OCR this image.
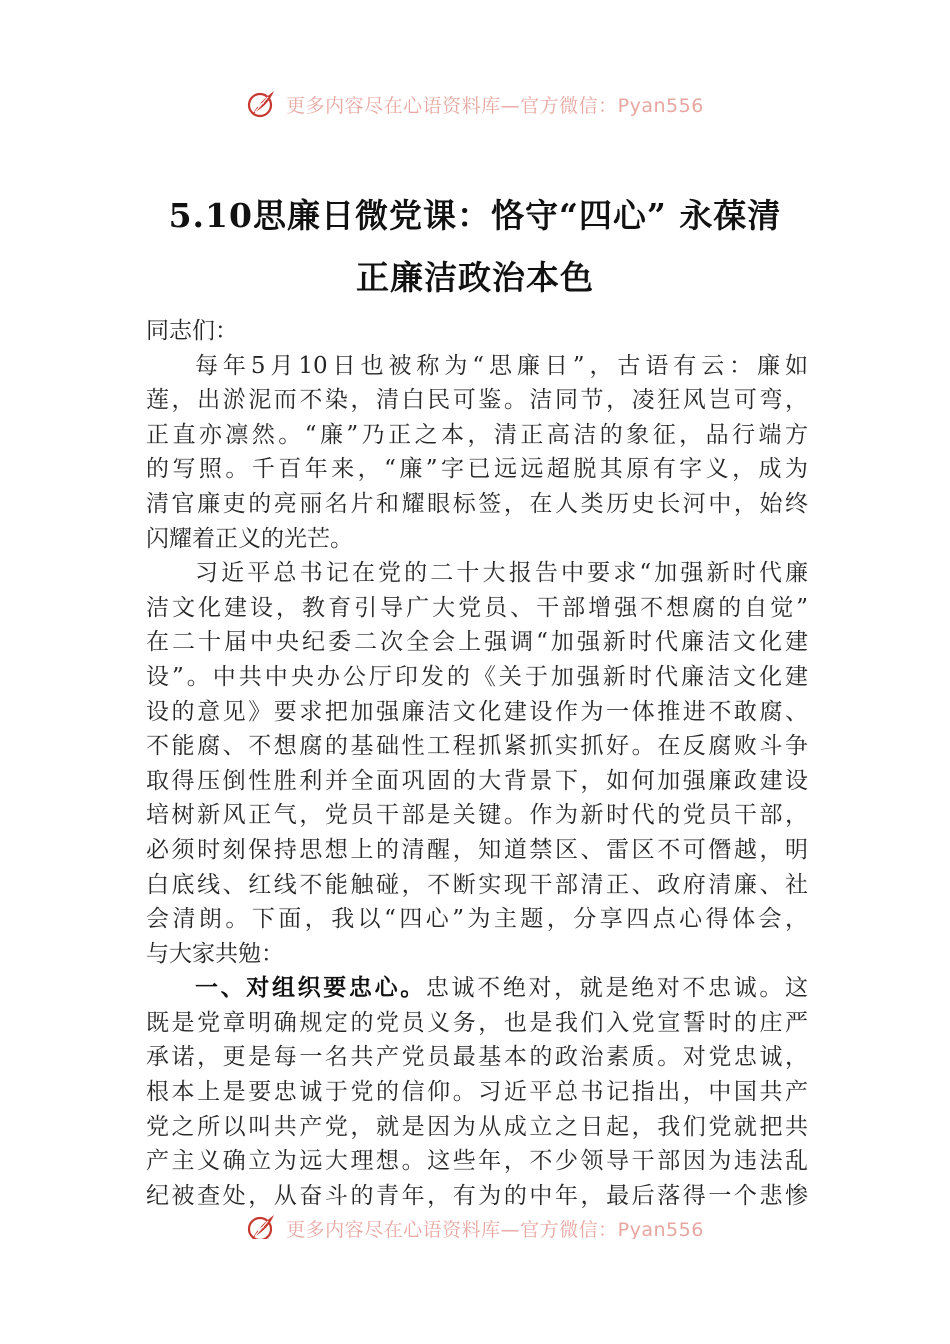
更多内容尽在心语资料库—官方微信：Pyan556
5.10思廉日微党课：恪守“四心” 永葆清
正廉洁政治本色
同志们：
每年5月10日也被称为“思廉日”，古语有云：廉如
莲，出淤泥而不染，清白民可鉴。洁同节，凌狂风岂可弯，
正直亦凛然。“廉”乃正之本，清正高洁的象征，品行端方
的写照。千百年来，“廉”字已远远超脱其原有字义，成为
清官廉吏的亮丽名片和耀眼标签，在人类历史长河中，始终
闪耀着正义的光芒。
习近平总书记在党的二十大报告中要求“加强新时代廉
洁文化建设，教育引导广大党员、干部增强不想腐的自觉”
在二十届中央纪委二次全会上强调“加强新时代廉洁文化建
设”。中共中央办公厅印发的《关于加强新时代廉洁文化建
设的意见》要求把加强廉洁文化建设作为一体推进不敢腐、
不能腐、不想腐的基础性工程抓紧抓实抓好。在反腐败斗争
取得压倒性胜利并全面巩固的大背景下，如何加强廉政建设
培树新风正气，党员干部是关键。作为新时代的党员干部，
必须时刻保持思想上的清醒，知道禁区、雷区不可僭越，明
白底线、红线不能触碰，不断实现干部清正、政府清廉、社
会清朗。下面，我以“四心”为主题，分享四点心得体会，
与大家共勉：
一、对组织要忠心。忠诚不绝对，就是绝对不忠诚。这
既是党章明确规定的党员义务，也是我们入党宣誓时的庄严
承诺，更是每一名共产党员最基本的政治素质。对党忠诚，
根本上是要忠诚于党的信仰。习近平总书记指出，中国共产
党之所以叫共产党，就是因为从成立之日起，我们党就把共
产主义确立为远大理想。这些年，不少领导干部因为违法乱
纪被查处，从奋斗的青年，有为的中年，最后落得一个悲惨
更多内容尽在心语资料库—官方微信：Pyan556
